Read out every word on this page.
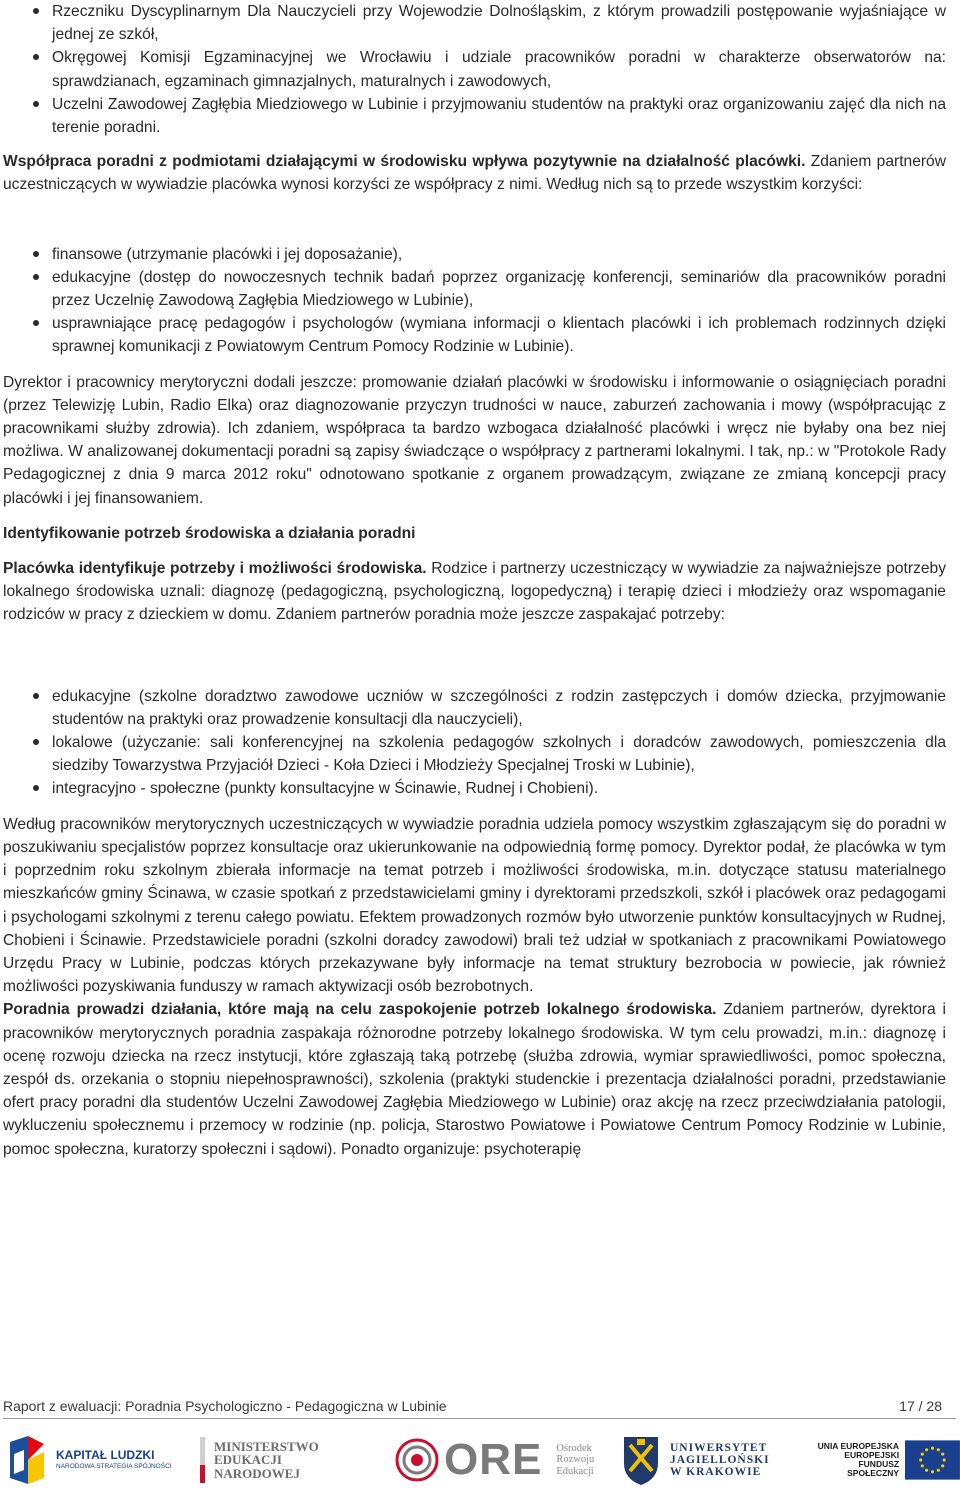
Rzeczniku Dyscyplinarnym Dla Nauczycieli przy Wojewodzie Dolnośląskim, z którym prowadzili postępowanie wyjaśniające w jednej ze szkół,
Okręgowej Komisji Egzaminacyjnej we Wrocławiu i udziale pracowników poradni w charakterze obserwatorów na: sprawdzianach, egzaminach gimnazjalnych, maturalnych i zawodowych,
Uczelni Zawodowej Zagłębia Miedziowego w Lubinie i przyjmowaniu studentów na praktyki oraz organizowaniu zajęć dla nich na terenie poradni.

Współpraca poradni z podmiotami działającymi w środowisku wpływa pozytywnie na działalność placówki. Zdaniem partnerów uczestniczących w wywiadzie placówka wynosi korzyści ze współpracy z nimi. Według nich są to przede wszystkim korzyści:

finansowe (utrzymanie placówki i jej doposażanie),
edukacyjne (dostęp do nowoczesnych technik badań poprzez organizację konferencji, seminariów dla pracowników poradni przez Uczelnię Zawodową Zagłębia Miedziowego w Lubinie),
usprawniające pracę pedagogów i psychologów (wymiana informacji o klientach placówki i ich problemach rodzinnych dzięki sprawnej komunikacji z Powiatowym Centrum Pomocy Rodzinie w Lubinie).

Dyrektor i pracownicy merytoryczni dodali jeszcze: promowanie działań placówki w środowisku i informowanie o osiągnięciach poradni (przez Telewizję Lubin, Radio Elka) oraz diagnozowanie przyczyn trudności w nauce, zaburzeń zachowania i mowy (współpracując z pracownikami służby zdrowia). Ich zdaniem, współpraca ta bardzo wzbogaca działalność placówki i wręcz nie byłaby ona bez niej możliwa. W analizowanej dokumentacji poradni są zapisy świadczące o współpracy z partnerami lokalnymi. I tak, np.: w "Protokole Rady Pedagogicznej z dnia 9 marca 2012 roku" odnotowano spotkanie z organem prowadzącym, związane ze zmianą koncepcji pracy placówki i jej finansowaniem.

Identyfikowanie potrzeb środowiska a działania poradni

Placówka identyfikuje potrzeby i możliwości środowiska. Rodzice i partnerzy uczestniczący w wywiadzie za najważniejsze potrzeby lokalnego środowiska uznali: diagnozę (pedagogiczną, psychologiczną, logopedyczną) i terapię dzieci i młodzieży oraz wspomaganie rodziców w pracy z dzieckiem w domu. Zdaniem partnerów poradnia może jeszcze zaspakajać potrzeby:

edukacyjne (szkolne doradztwo zawodowe uczniów w szczególności z rodzin zastępczych i domów dziecka, przyjmowanie studentów na praktyki oraz prowadzenie konsultacji dla nauczycieli),
lokalowe (użyczanie: sali konferencyjnej na szkolenia pedagogów szkolnych i doradców zawodowych, pomieszczenia dla siedziby Towarzystwa Przyjaciół Dzieci - Koła Dzieci i Młodzieży Specjalnej Troski w Lubinie),
integracyjno - społeczne (punkty konsultacyjne w Ścinawie, Rudnej i Chobieni).

Według pracowników merytorycznych uczestniczących w wywiadzie poradnia udziela pomocy wszystkim zgłaszającym się do poradni w poszukiwaniu specjalistów poprzez konsultacje oraz ukierunkowanie na odpowiednią formę pomocy. Dyrektor podał, że placówka w tym i poprzednim roku szkolnym zbierała informacje na temat potrzeb i możliwości środowiska, m.in. dotyczące statusu materialnego mieszkańców gminy Ścinawa, w czasie spotkań z przedstawicielami gminy i dyrektorami przedszkoli, szkół i placówek oraz pedagogami i psychologami szkolnymi z terenu całego powiatu. Efektem prowadzonych rozmów było utworzenie punktów konsultacyjnych w Rudnej, Chobieni i Ścinawie. Przedstawiciele poradni (szkolni doradcy zawodowi) brali też udział w spotkaniach z pracownikami Powiatowego Urzędu Pracy w Lubinie, podczas których przekazywane były informacje na temat struktury bezrobocia w powiecie, jak również możliwości pozyskiwania funduszy w ramach aktywizacji osób bezrobotnych.

Poradnia prowadzi działania, które mają na celu zaspokojenie potrzeb lokalnego środowiska. Zdaniem partnerów, dyrektora i pracowników merytorycznych poradnia zaspakaja różnorodne potrzeby lokalnego środowiska. W tym celu prowadzi, m.in.: diagnozę i ocenę rozwoju dziecka na rzecz instytucji, które zgłaszają taką potrzebę (służba zdrowia, wymiar sprawiedliwości, pomoc społeczna, zespół ds. orzekania o stopniu niepełnosprawności), szkolenia (praktyki studenckie i prezentacja działalności poradni, przedstawianie ofert pracy poradni dla studentów Uczelni Zawodowej Zagłębia Miedziowego w Lubinie) oraz akcję na rzecz przeciwdziałania patologii, wykluczeniu społecznemu i przemocy w rodzinie (np. policja, Starostwo Powiatowe i Powiatowe Centrum Pomocy Rodzinie w Lubinie, pomoc społeczna, kuratorzy społeczni i sądowi). Ponadto organizuje: psychoterapię

Raport z ewaluacji: Poradnia Psychologiczno - Pedagogiczna w Lubinie	17 / 28
KAPITAŁ LUDZKI
NARODOWA STRATEGIA SPÓJNOŚCI
MINISTERSTWO
EDUKACJI
NARODOWEJ	ORE Ośrodek
Rozwoju
Edukacji
UNIWERSYTET
JAGIELLOŃSKI
W KRAKOWIE
UNIA EUROPEJSKA
EUROPEJSKI
FUNDUSZ SPOŁECZNY
